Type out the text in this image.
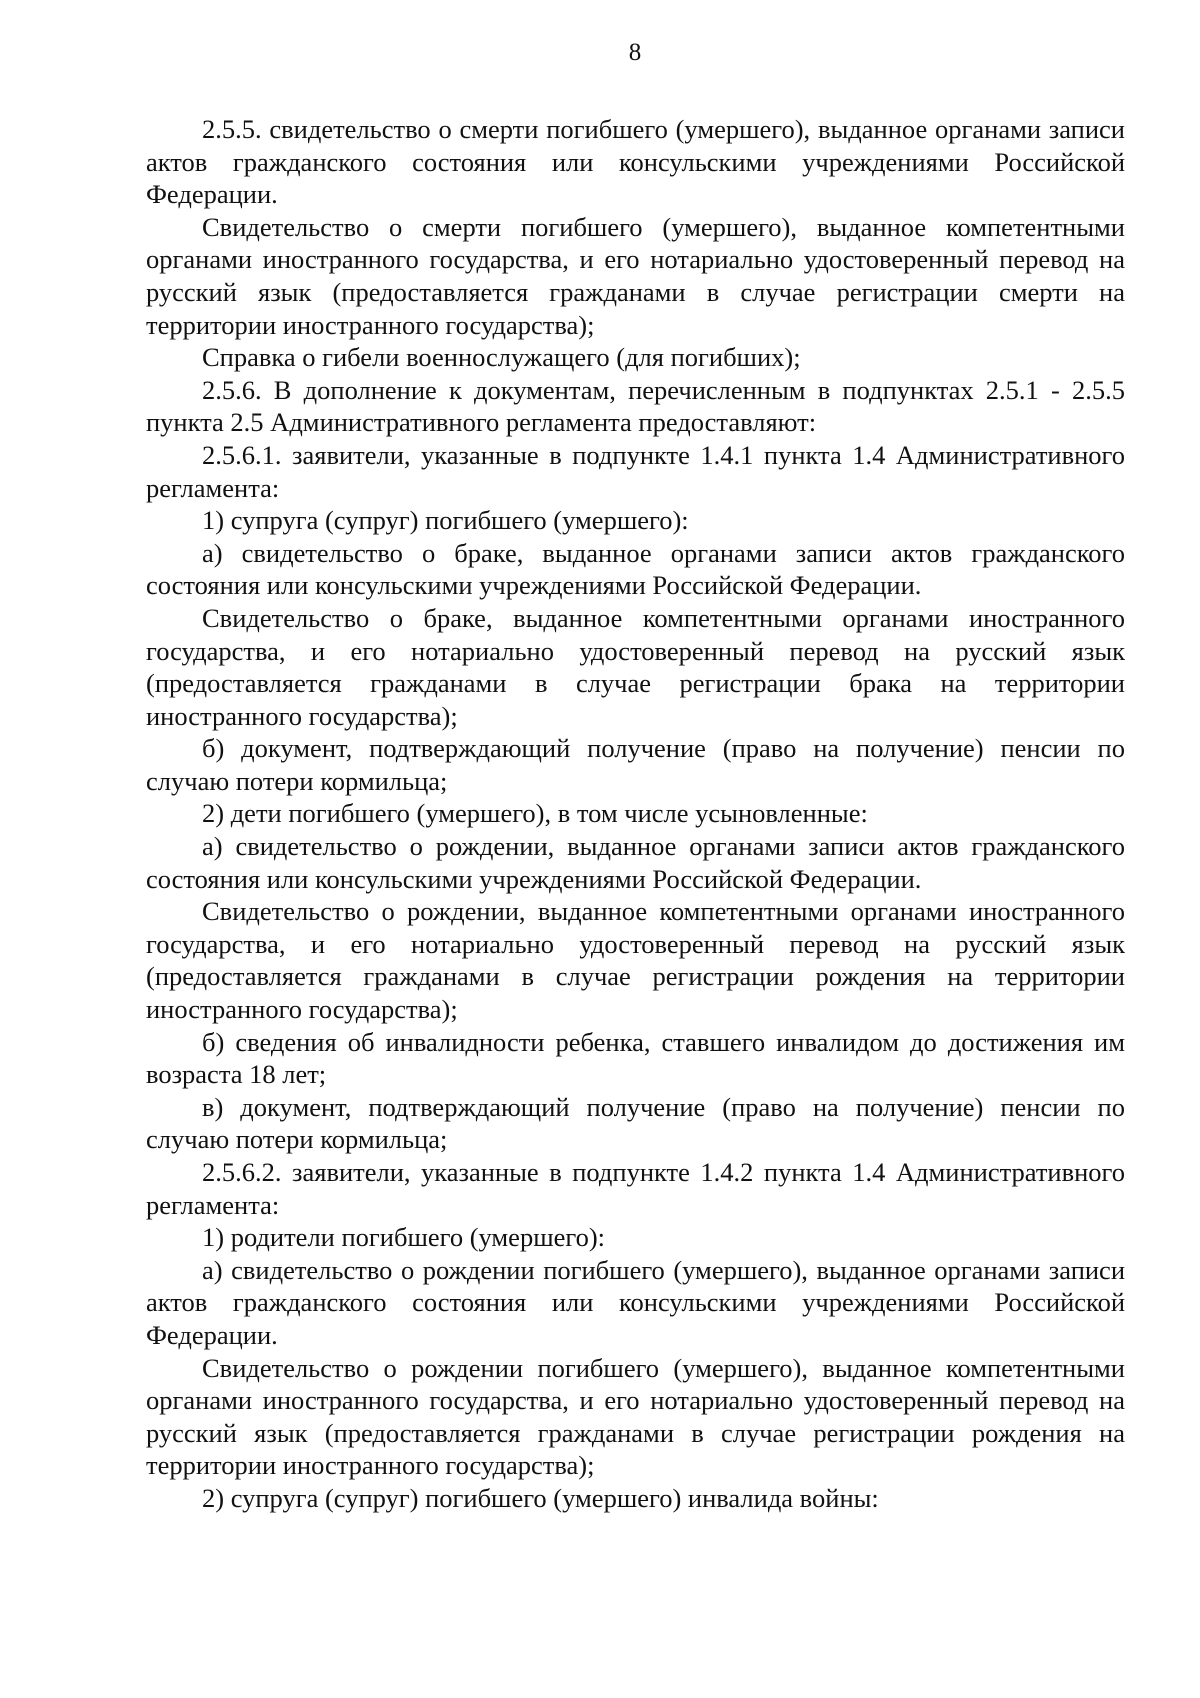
8

2.5.5. свидетельство о смерти погибшего (умершего), выданное органами записи актов гражданского состояния или консульскими учреждениями Российской Федерации.

Свидетельство о смерти погибшего (умершего), выданное компетентными органами иностранного государства, и его нотариально удостоверенный перевод на русский язык (предоставляется гражданами в случае регистрации смерти на территории иностранного государства);

Справка о гибели военнослужащего (для погибших);

2.5.6. В дополнение к документам, перечисленным в подпунктах 2.5.1 - 2.5.5 пункта 2.5 Административного регламента предоставляют:

2.5.6.1. заявители, указанные в подпункте 1.4.1 пункта 1.4 Административного регламента:

1) супруга (супруг) погибшего (умершего):

а) свидетельство о браке, выданное органами записи актов гражданского состояния или консульскими учреждениями Российской Федерации.

Свидетельство о браке, выданное компетентными органами иностранного государства, и его нотариально удостоверенный перевод на русский язык (предоставляется гражданами в случае регистрации брака на территории иностранного государства);

б) документ, подтверждающий получение (право на получение) пенсии по случаю потери кормильца;

2) дети погибшего (умершего), в том числе усыновленные:

а) свидетельство о рождении, выданное органами записи актов гражданского состояния или консульскими учреждениями Российской Федерации.

Свидетельство о рождении, выданное компетентными органами иностранного государства, и его нотариально удостоверенный перевод на русский язык (предоставляется гражданами в случае регистрации рождения на территории иностранного государства);

б) сведения об инвалидности ребенка, ставшего инвалидом до достижения им возраста 18 лет;

в) документ, подтверждающий получение (право на получение) пенсии по случаю потери кормильца;

2.5.6.2. заявители, указанные в подпункте 1.4.2 пункта 1.4 Административного регламента:

1) родители погибшего (умершего):

а) свидетельство о рождении погибшего (умершего), выданное органами записи актов гражданского состояния или консульскими учреждениями Российской Федерации.

Свидетельство о рождении погибшего (умершего), выданное компетентными органами иностранного государства, и его нотариально удостоверенный перевод на русский язык (предоставляется гражданами в случае регистрации рождения на территории иностранного государства);

2) супруга (супруг) погибшего (умершего) инвалида войны:
